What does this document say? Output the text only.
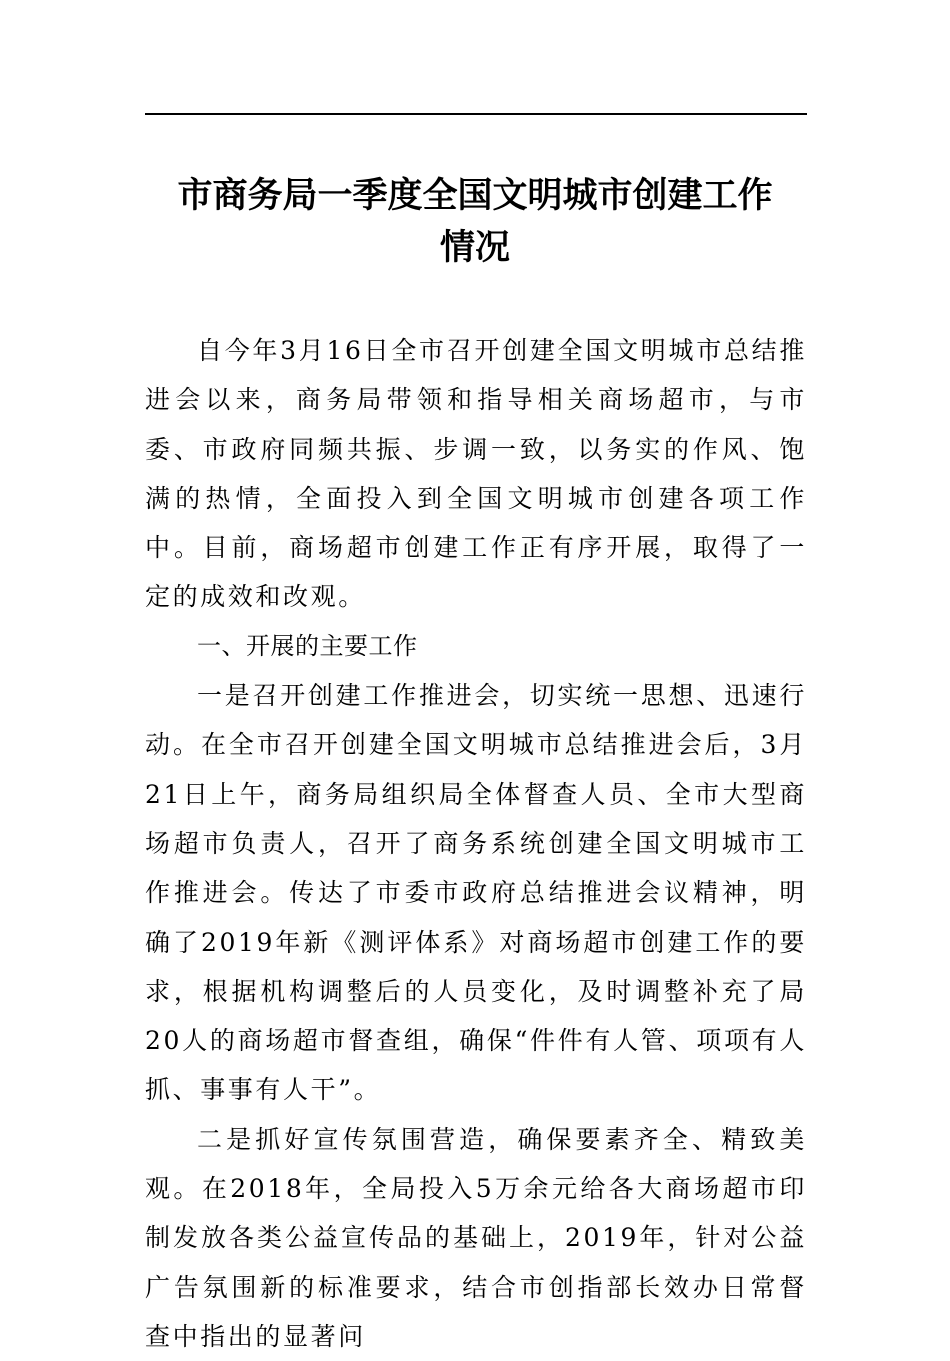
市商务局一季度全国文明城市创建工作
情况

自今年3月16日全市召开创建全国文明城市总结推进会以来，商务局带领和指导相关商场超市，与市委、市政府同频共振、步调一致，以务实的作风、饱满的热情，全面投入到全国文明城市创建各项工作中。目前，商场超市创建工作正有序开展，取得了一定的成效和改观。

一、开展的主要工作

一是召开创建工作推进会，切实统一思想、迅速行动。在全市召开创建全国文明城市总结推进会后，3月21日上午，商务局组织局全体督查人员、全市大型商场超市负责人，召开了商务系统创建全国文明城市工作推进会。传达了市委市政府总结推进会议精神，明确了2019年新《测评体系》对商场超市创建工作的要求，根据机构调整后的人员变化，及时调整补充了局20人的商场超市督查组，确保“件件有人管、项项有人抓、事事有人干”。

二是抓好宣传氛围营造，确保要素齐全、精致美观。在2018年，全局投入5万余元给各大商场超市印制发放各类公益宣传品的基础上，2019年，针对公益广告氛围新的标准要求，结合市创指部长效办日常督查中指出的显著问
